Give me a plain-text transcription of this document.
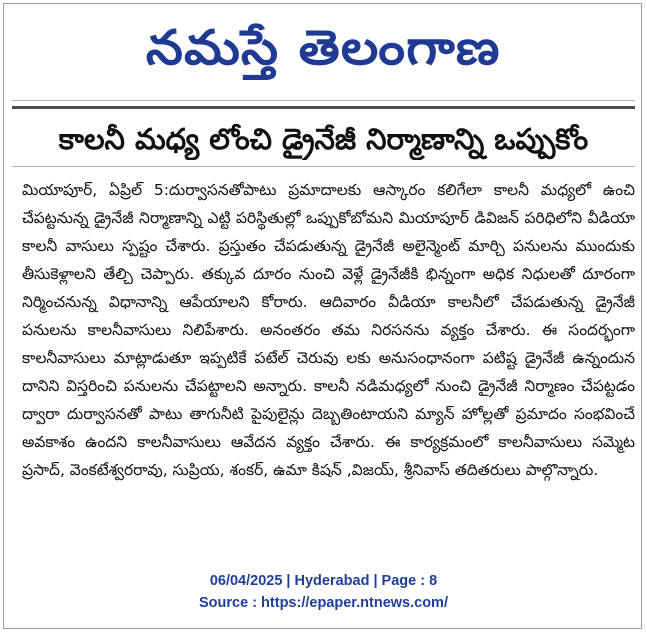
నమస్తే తెలంగాణ
కాలనీ మధ్య లోంచి డ్రైనేజీ నిర్మాణాన్ని ఒప్పుకోం

మియాపూర్, ఏప్రిల్ 5:దుర్వాసనతోపాటు ప్రమాదాలకు ఆస్కారం కలిగేలా కాలనీ మధ్యలో ఉంచి చేపట్టనున్న డ్రైనేజీ నిర్మాణాన్ని ఎట్టి పరిస్థితుల్లో ఒప్పుకోబోమని మియాపూర్ డివిజన్ పరిధిలోని వీడియా కాలనీ వాసులు స్పష్టం చేశారు. ప్రస్తుతం చేపడుతున్న డ్రైనేజీ అలైన్మెంట్ మార్చి పనులను ముందుకు తీసుకెళ్లాలని తేల్చి చెప్పారు. తక్కువ దూరం నుంచి వెళ్లే డ్రైనేజీకి భిన్నంగా అధిక నిధులతో దూరంగా నిర్మించనున్న విధానాన్ని ఆపేయాలని కోరారు. ఆదివారం వీడియా కాలనీలో చేపడుతున్న డ్రైనేజీ పనులను కాలనీవాసులు నిలిపేశారు. అనంతరం తమ నిరసనను వ్యక్తం చేశారు. ఈ సందర్భంగా కాలనీవాసులు మాట్లాడుతూ ఇప్పటికే పటేల్ చెరువు లకు అనుసంధానంగా పటిష్ట డ్రైనేజీ ఉన్నందున దానిని విస్తరించి పనులను చేపట్టాలని అన్నారు. కాలనీ నడిమధ్యలో నుంచి డ్రైనేజీ నిర్మాణం చేపట్టడం ద్వారా దుర్వాసనతో పాటు తాగునీటి పైపులైన్లు దెబ్బతింటాయని మ్యాన్ హోల్లతో ప్రమాదం సంభవించే అవకాశం ఉందని కాలనీవాసులు ఆవేదన వ్యక్తం చేశారు. ఈ కార్యక్రమంలో కాలనీవాసులు సమ్మెట ప్రసాద్, వెంకటేశ్వరరావు, సుప్రియ, శంకర్, ఉమా కిషన్ ,విజయ్, శ్రీనివాస్ తదితరులు పాల్గొన్నారు.

06/04/2025 | Hyderabad | Page : 8
Source : https://epaper.ntnews.com/
